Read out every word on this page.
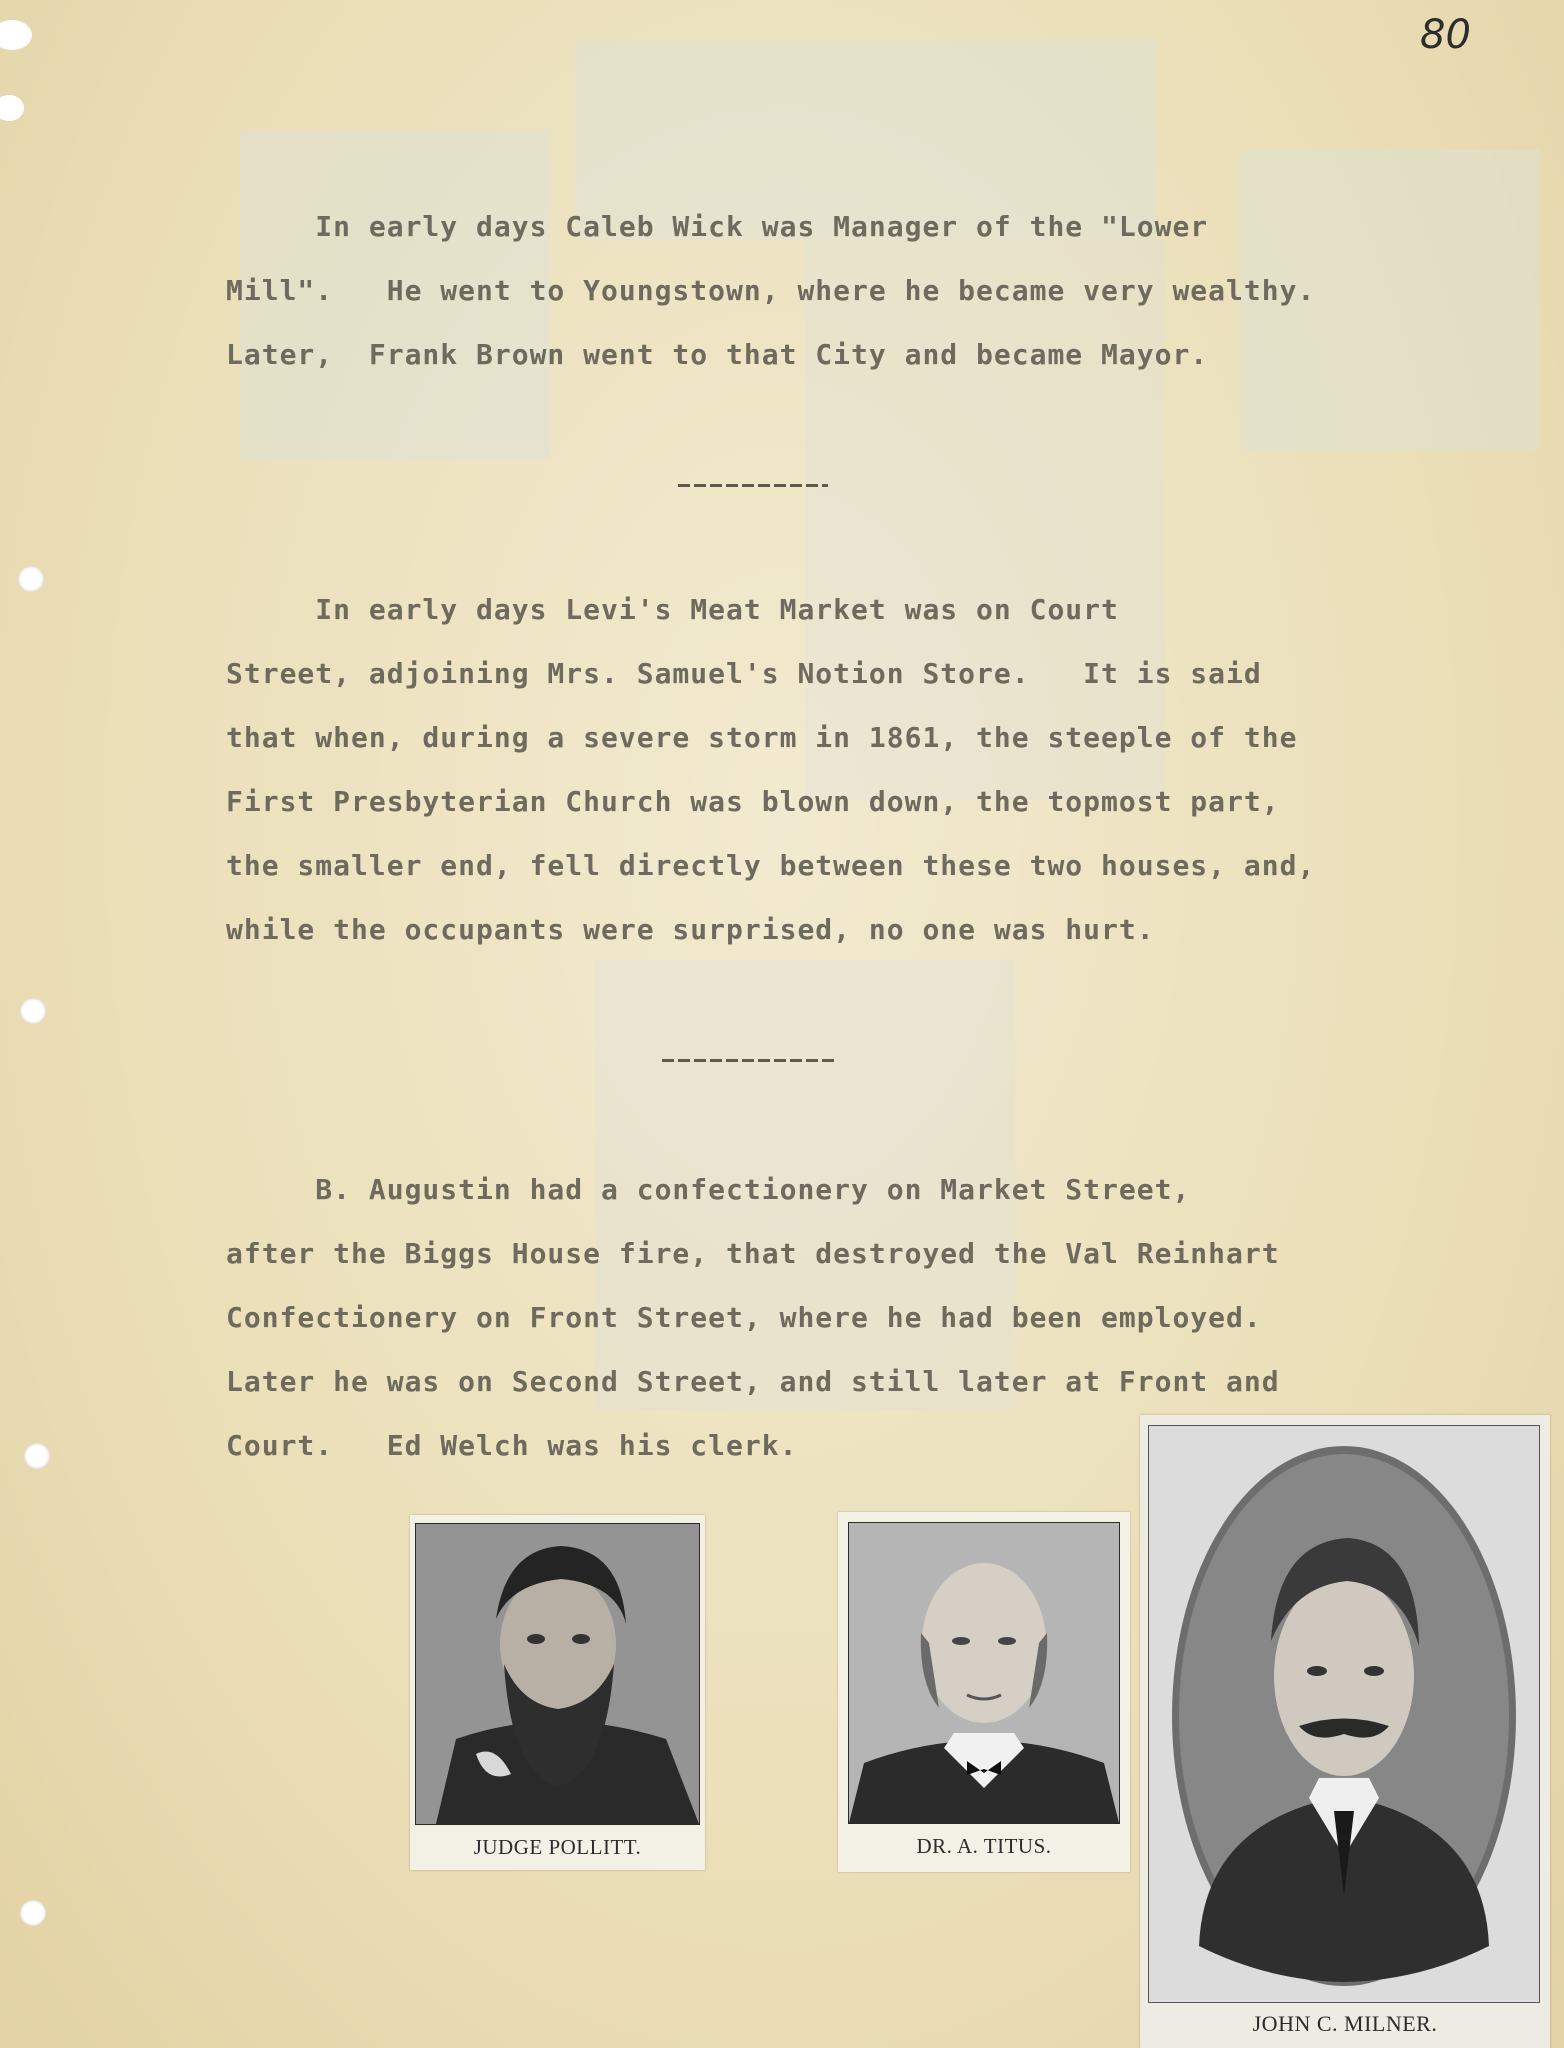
80
In early days Caleb Wick was Manager of the "Lower
Mill".   He went to Youngstown, where he became very wealthy.
Later,  Frank Brown went to that City and became Mayor.
In early days Levi's Meat Market was on Court
Street, adjoining Mrs. Samuel's Notion Store.   It is said
that when, during a severe storm in 1861, the steeple of the
First Presbyterian Church was blown down, the topmost part,
the smaller end, fell directly between these two houses, and,
while the occupants were surprised, no one was hurt.
B. Augustin had a confectionery on Market Street,
after the Biggs House fire, that destroyed the Val Reinhart
Confectionery on Front Street, where he had been employed.
Later he was on Second Street, and still later at Front and
Court.   Ed Welch was his clerk.
JUDGE POLLITT.	DR. A. TITUS.
JOHN C. MILNER.
